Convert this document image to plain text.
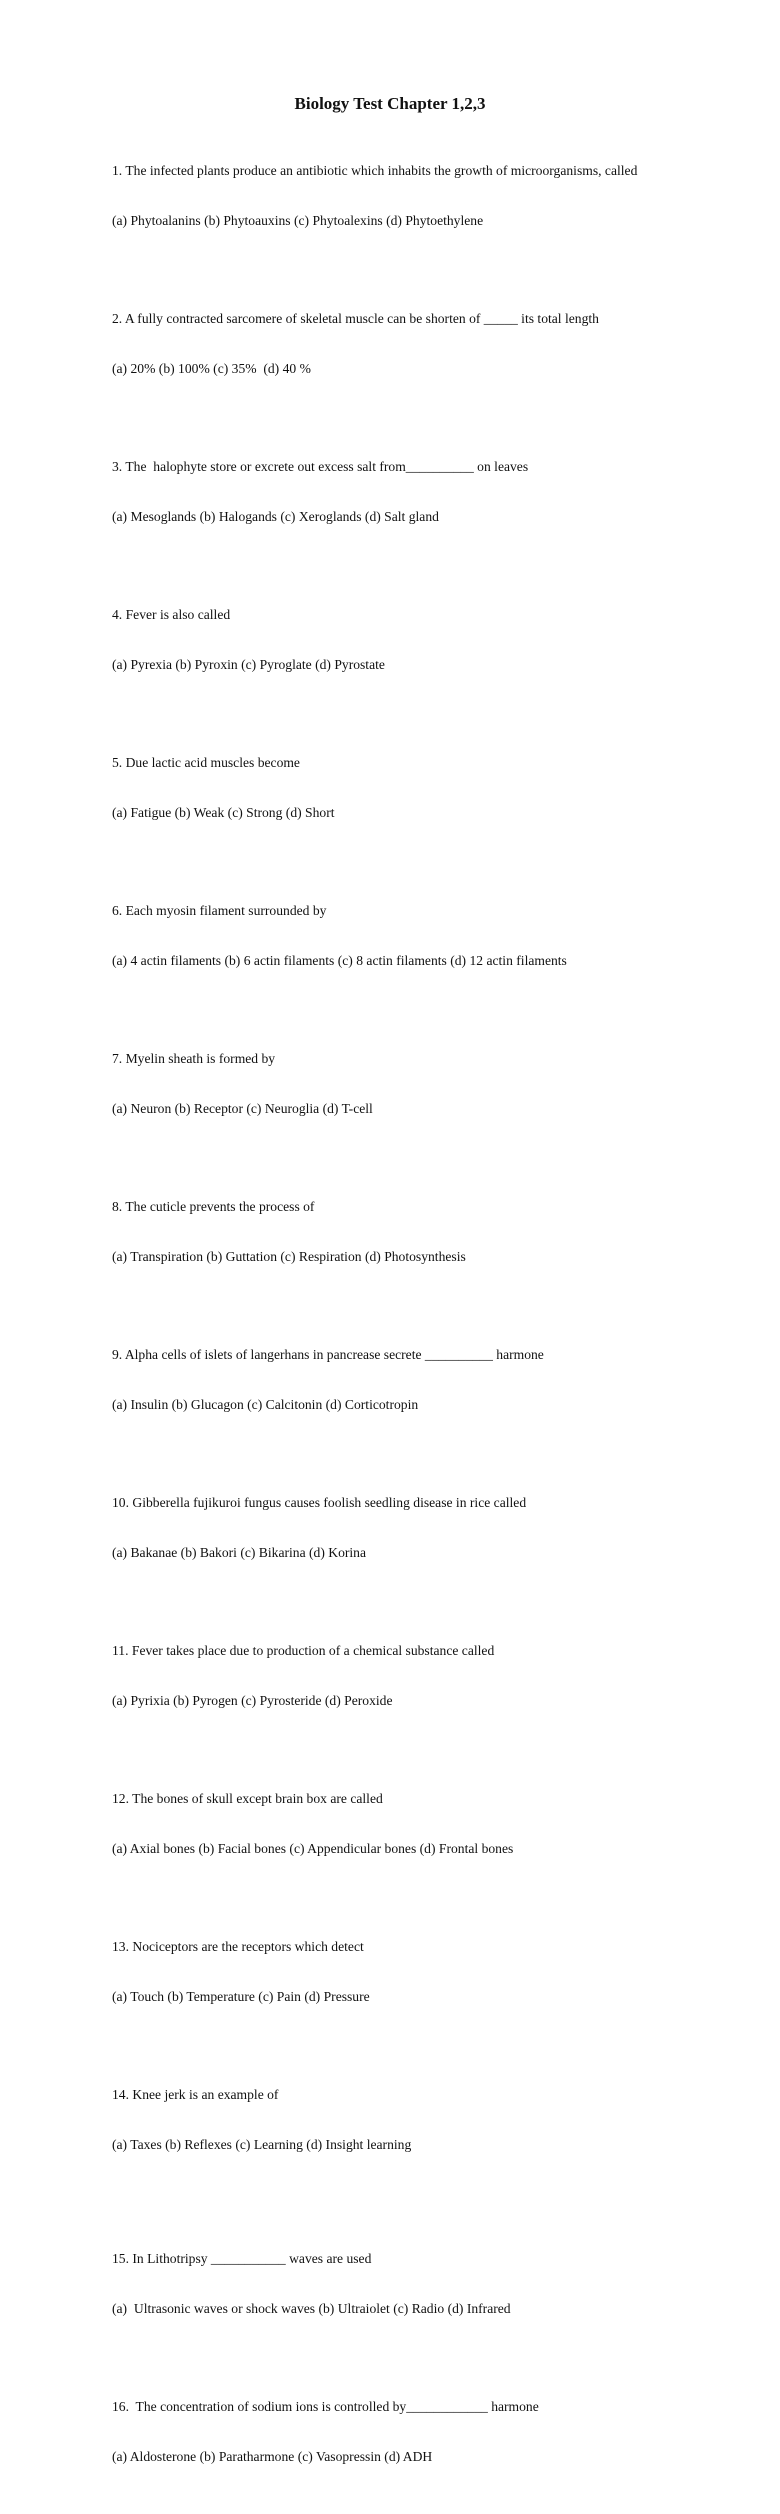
Biology Test Chapter 1,2,3

1. The infected plants produce an antibiotic which inhabits the growth of microorganisms, called

(a) Phytoalanins (b) Phytoauxins (c) Phytoalexins (d) Phytoethylene

2. A fully contracted sarcomere of skeletal muscle can be shorten of _____ its total length

(a) 20% (b) 100% (c) 35%  (d) 40 %

3. The  halophyte store or excrete out excess salt from__________ on leaves

(a) Mesoglands (b) Halogands (c) Xeroglands (d) Salt gland

4. Fever is also called

(a) Pyrexia (b) Pyroxin (c) Pyroglate (d) Pyrostate

5. Due lactic acid muscles become

(a) Fatigue (b) Weak (c) Strong (d) Short

6. Each myosin filament surrounded by

(a) 4 actin filaments (b) 6 actin filaments (c) 8 actin filaments (d) 12 actin filaments

7. Myelin sheath is formed by

(a) Neuron (b) Receptor (c) Neuroglia (d) T-cell

8. The cuticle prevents the process of

(a) Transpiration (b) Guttation (c) Respiration (d) Photosynthesis

9. Alpha cells of islets of langerhans in pancrease secrete __________ harmone

(a) Insulin (b) Glucagon (c) Calcitonin (d) Corticotropin

10. Gibberella fujikuroi fungus causes foolish seedling disease in rice called

(a) Bakanae (b) Bakori (c) Bikarina (d) Korina

11. Fever takes place due to production of a chemical substance called

(a) Pyrixia (b) Pyrogen (c) Pyrosteride (d) Peroxide

12. The bones of skull except brain box are called

(a) Axial bones (b) Facial bones (c) Appendicular bones (d) Frontal bones

13. Nociceptors are the receptors which detect

(a) Touch (b) Temperature (c) Pain (d) Pressure

14. Knee jerk is an example of

(a) Taxes (b) Reflexes (c) Learning (d) Insight learning

15. In Lithotripsy ___________ waves are used

(a)  Ultrasonic waves or shock waves (b) Ultraiolet (c) Radio (d) Infrared

16.  The concentration of sodium ions is controlled by____________ harmone

(a) Aldosterone (b) Paratharmone (c) Vasopressin (d) ADH
